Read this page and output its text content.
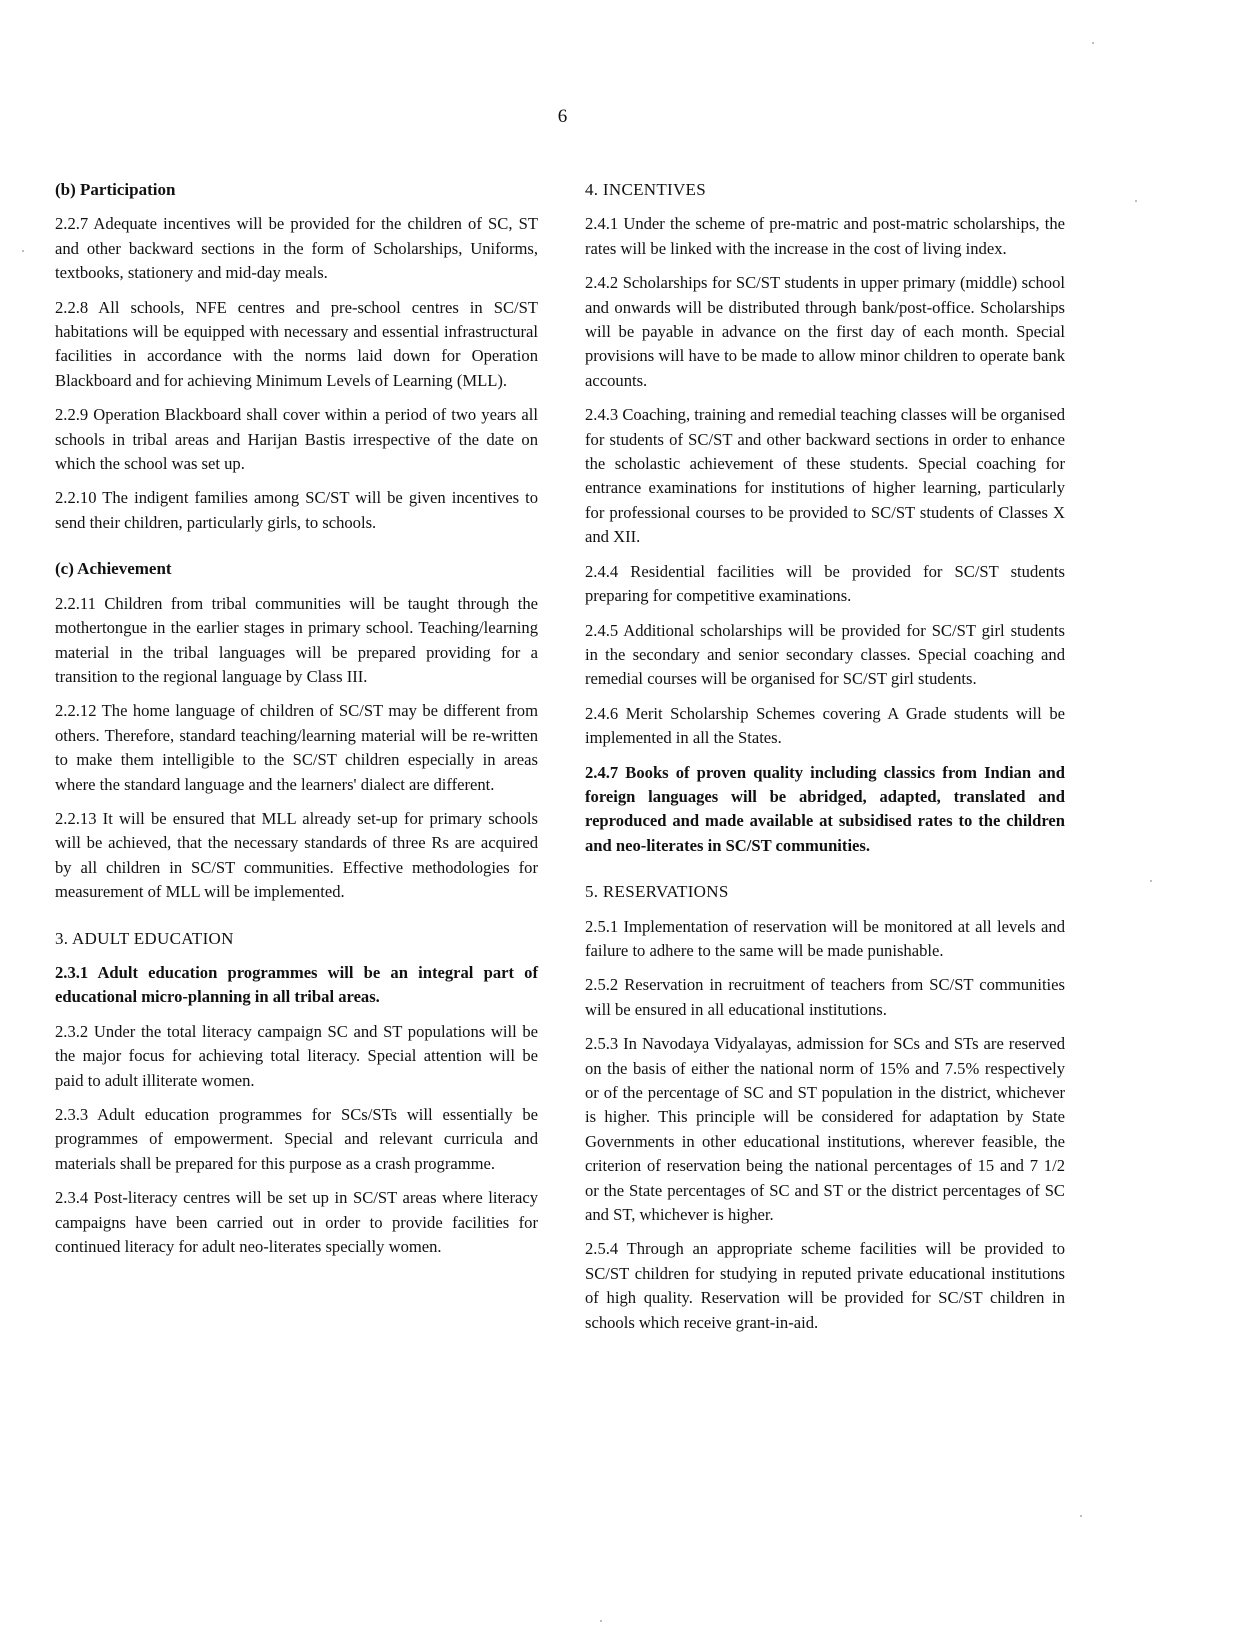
6
(b) Participation

2.2.7 Adequate incentives will be provided for the children of SC, ST and other backward sections in the form of Scholarships, Uniforms, textbooks, stationery and mid-day meals.

2.2.8 All schools, NFE centres and pre-school centres in SC/ST habitations will be equipped with necessary and essential infrastructural facilities in accordance with the norms laid down for Operation Blackboard and for achieving Minimum Levels of Learning (MLL).

2.2.9 Operation Blackboard shall cover within a period of two years all schools in tribal areas and Harijan Bastis irrespective of the date on which the school was set up.

2.2.10 The indigent families among SC/ST will be given incentives to send their children, particularly girls, to schools.

(c) Achievement

2.2.11 Children from tribal communities will be taught through the mothertongue in the earlier stages in primary school. Teaching/learning material in the tribal languages will be prepared providing for a transition to the regional language by Class III.

2.2.12 The home language of children of SC/ST may be different from others. Therefore, standard teaching/learning material will be re-written to make them intelligible to the SC/ST children especially in areas where the standard language and the learners' dialect are different.

2.2.13 It will be ensured that MLL already set-up for primary schools will be achieved, that the necessary standards of three Rs are acquired by all children in SC/ST communities. Effective methodologies for measurement of MLL will be implemented.

3. ADULT EDUCATION

2.3.1 Adult education programmes will be an integral part of educational micro-planning in all tribal areas.

2.3.2 Under the total literacy campaign SC and ST populations will be the major focus for achieving total literacy. Special attention will be paid to adult illiterate women.

2.3.3 Adult education programmes for SCs/STs will essentially be programmes of empowerment. Special and relevant curricula and materials shall be prepared for this purpose as a crash programme.

2.3.4 Post-literacy centres will be set up in SC/ST areas where literacy campaigns have been carried out in order to provide facilities for continued literacy for adult neo-literates specially women.

4. INCENTIVES

2.4.1 Under the scheme of pre-matric and post-matric scholarships, the rates will be linked with the increase in the cost of living index.

2.4.2 Scholarships for SC/ST students in upper primary (middle) school and onwards will be distributed through bank/post-office. Scholarships will be payable in advance on the first day of each month. Special provisions will have to be made to allow minor children to operate bank accounts.

2.4.3 Coaching, training and remedial teaching classes will be organised for students of SC/ST and other backward sections in order to enhance the scholastic achievement of these students. Special coaching for entrance examinations for institutions of higher learning, particularly for professional courses to be provided to SC/ST students of Classes X and XII.

2.4.4 Residential facilities will be provided for SC/ST students preparing for competitive examinations.

2.4.5 Additional scholarships will be provided for SC/ST girl students in the secondary and senior secondary classes. Special coaching and remedial courses will be organised for SC/ST girl students.

2.4.6 Merit Scholarship Schemes covering A Grade students will be implemented in all the States.

2.4.7 Books of proven quality including classics from Indian and foreign languages will be abridged, adapted, translated and reproduced and made available at subsidised rates to the children and neo-literates in SC/ST communities.

5. RESERVATIONS

2.5.1 Implementation of reservation will be monitored at all levels and failure to adhere to the same will be made punishable.

2.5.2 Reservation in recruitment of teachers from SC/ST communities will be ensured in all educational institutions.

2.5.3 In Navodaya Vidyalayas, admission for SCs and STs are reserved on the basis of either the national norm of 15% and 7.5% respectively or of the percentage of SC and ST population in the district, whichever is higher. This principle will be considered for adaptation by State Governments in other educational institutions, wherever feasible, the criterion of reservation being the national percentages of 15 and 7 1/2 or the State percentages of SC and ST or the district percentages of SC and ST, whichever is higher.

2.5.4 Through an appropriate scheme facilities will be provided to SC/ST children for studying in reputed private educational institutions of high quality. Reservation will be provided for SC/ST children in schools which receive grant-in-aid.
